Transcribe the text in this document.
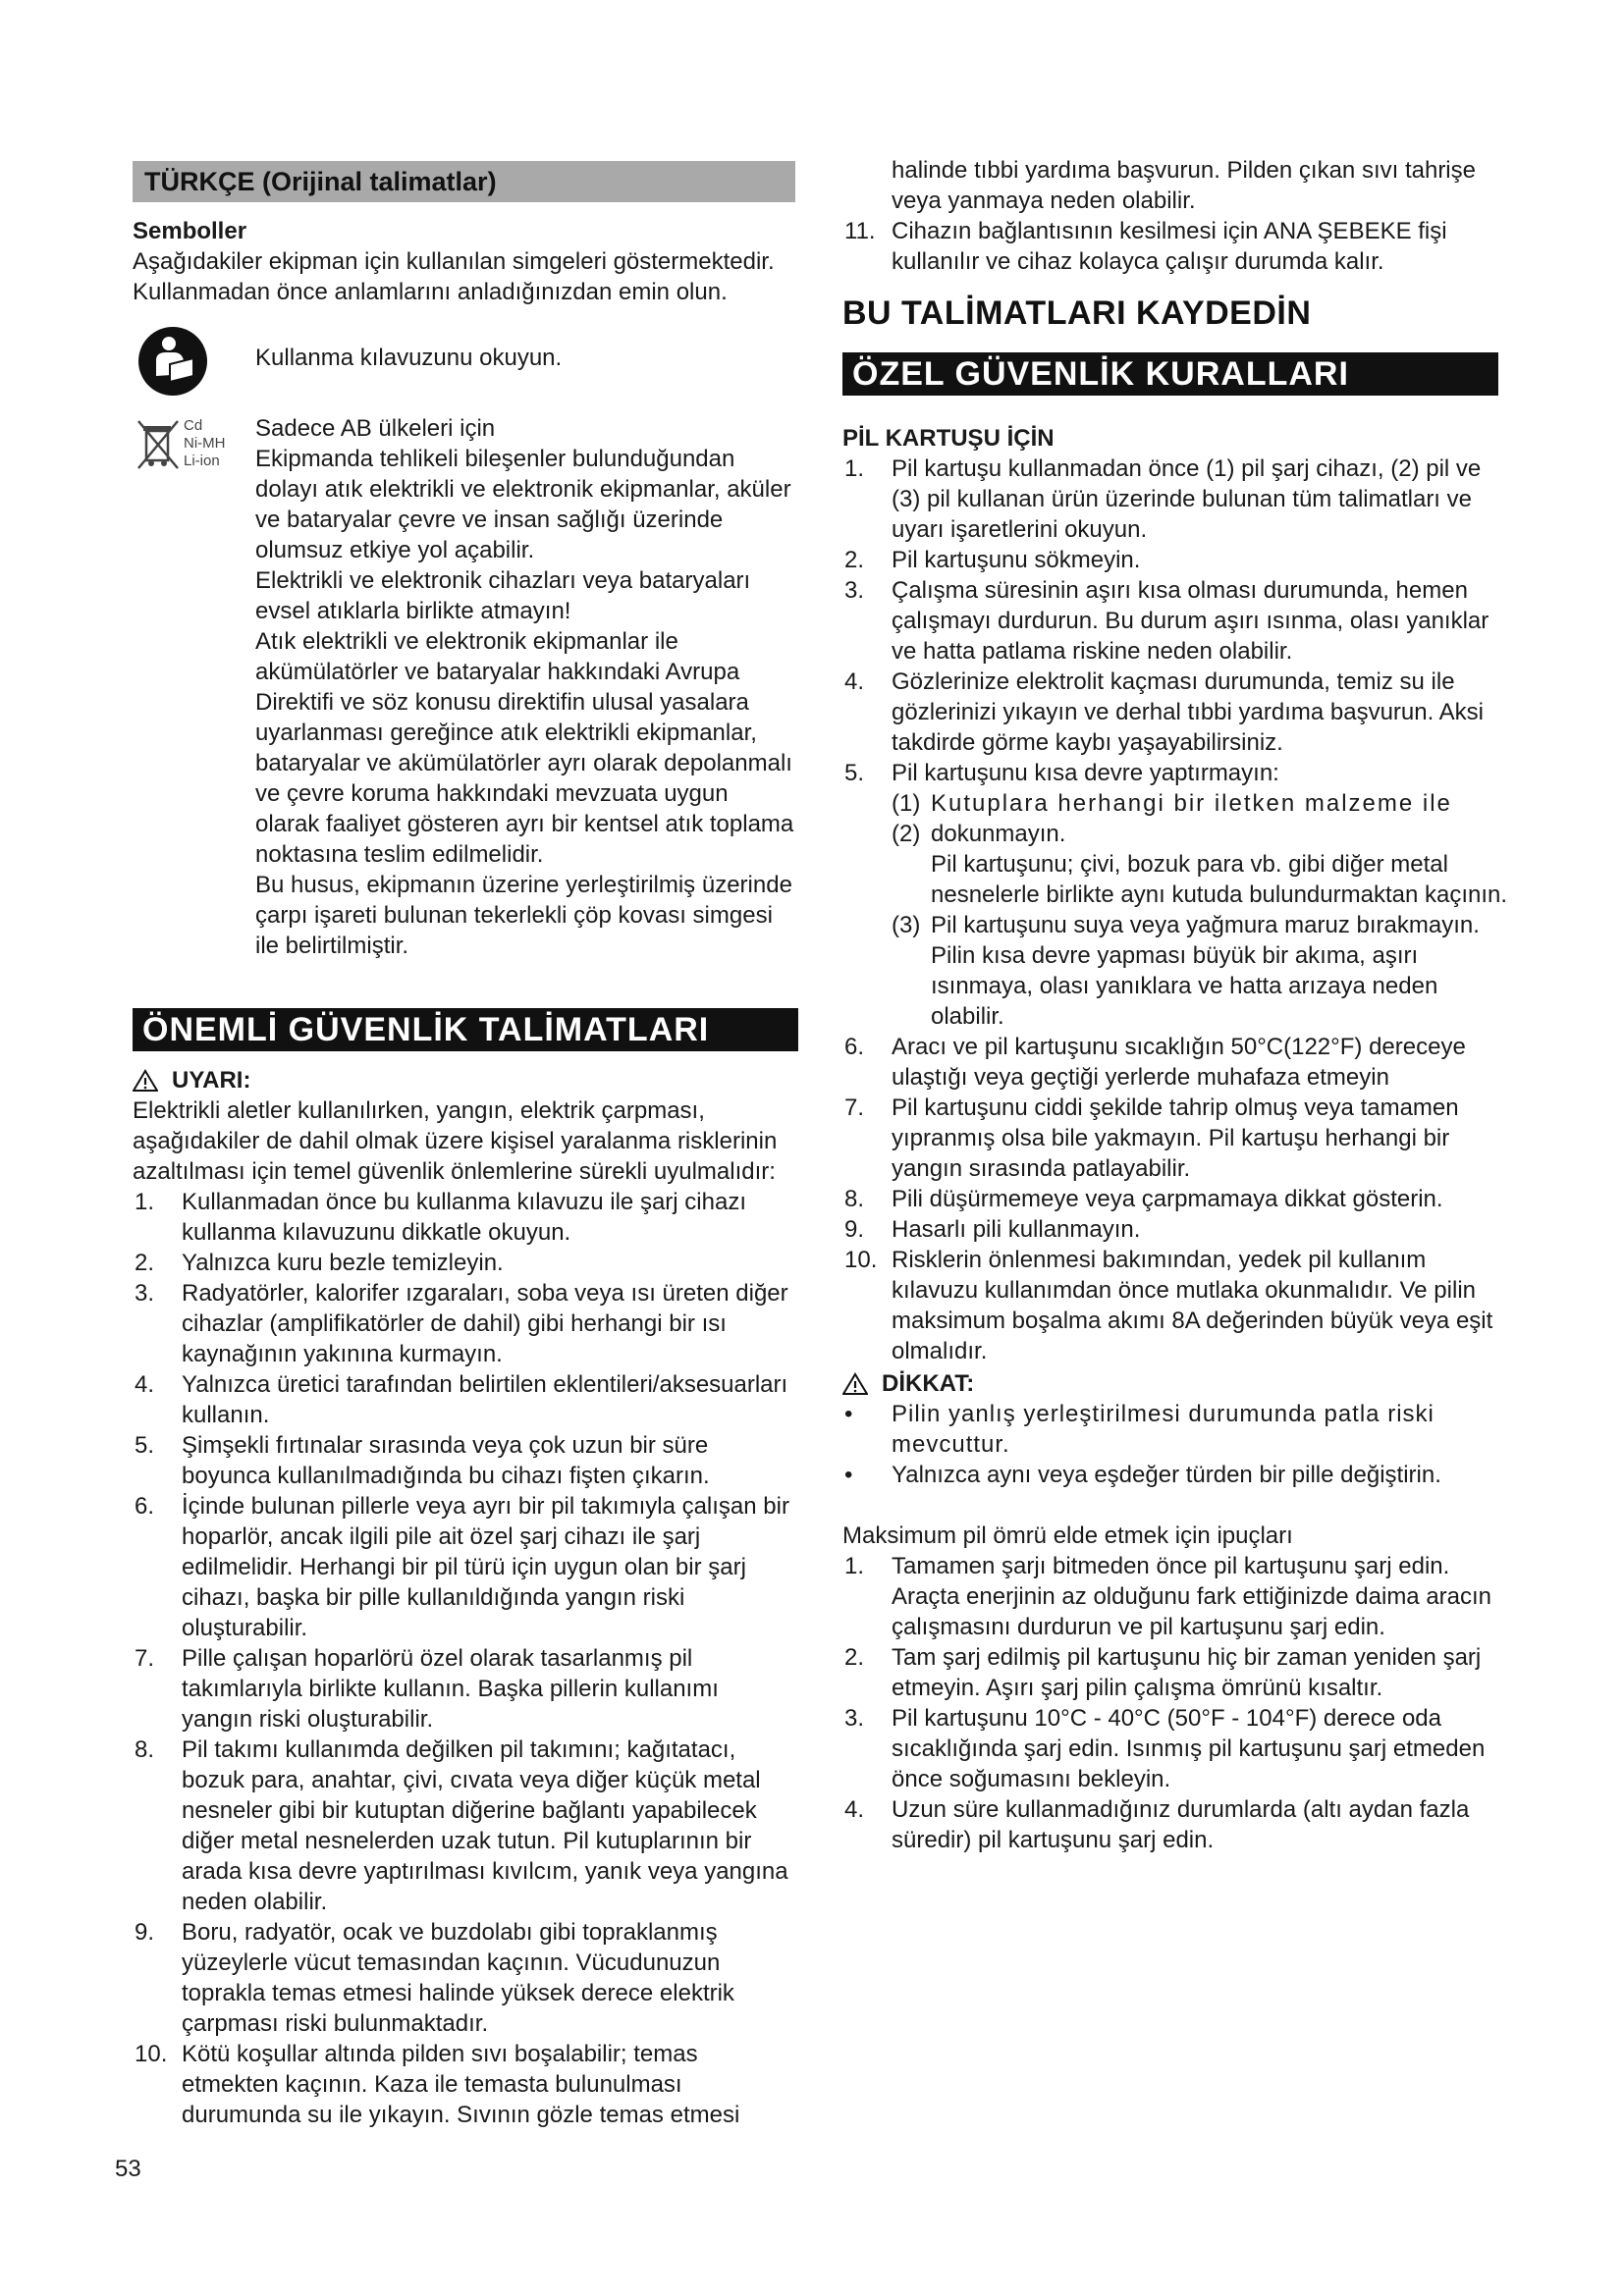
TÜRKÇE (Orijinal talimatlar)
Semboller

Aşağıdakiler ekipman için kullanılan simgeleri göstermektedir. Kullanmadan önce anlamlarını anladığınızdan emin olun.

Kullanma kılavuzunu okuyun.

Cd
Ni-MH
Li-ion

Sadece AB ülkeleri için

Ekipmanda tehlikeli bileşenler bulunduğundan dolayı atık elektrikli ve elektronik ekipmanlar, aküler ve bataryalar çevre ve insan sağlığı üzerinde olumsuz etkiye yol açabilir.

Elektrikli ve elektronik cihazları veya bataryaları evsel atıklarla birlikte atmayın!

Atık elektrikli ve elektronik ekipmanlar ile akümülatörler ve bataryalar hakkındaki Avrupa Direktifi ve söz konusu direktifin ulusal yasalara uyarlanması gereğince atık elektrikli ekipmanlar, bataryalar ve akümülatörler ayrı olarak depolanmalı ve çevre koruma hakkındaki mevzuata uygun olarak faaliyet gösteren ayrı bir kentsel atık toplama noktasına teslim edilmelidir.

Bu husus, ekipmanın üzerine yerleştirilmiş üzerinde çarpı işareti bulunan tekerlekli çöp kovası simgesi ile belirtilmiştir.

ÖNEMLİ GÜVENLİK TALİMATLARI
UYARI:

Elektrikli aletler kullanılırken, yangın, elektrik çarpması, aşağıdakiler de dahil olmak üzere kişisel yaralanma risklerinin azaltılması için temel güvenlik önlemlerine sürekli uyulmalıdır:

1. Kullanmadan önce bu kullanma kılavuzu ile şarj cihazı kullanma kılavuzunu dikkatle okuyun.
2. Yalnızca kuru bezle temizleyin.
3. Radyatörler, kalorifer ızgaraları, soba veya ısı üreten diğer cihazlar (amplifikatörler de dahil) gibi herhangi bir ısı kaynağının yakınına kurmayın.
4. Yalnızca üretici tarafından belirtilen eklentileri/aksesuarları kullanın.
5. Şimşekli fırtınalar sırasında veya çok uzun bir süre boyunca kullanılmadığında bu cihazı fişten çıkarın.
6. İçinde bulunan pillerle veya ayrı bir pil takımıyla çalışan bir hoparlör, ancak ilgili pile ait özel şarj cihazı ile şarj edilmelidir. Herhangi bir pil türü için uygun olan bir şarj cihazı, başka bir pille kullanıldığında yangın riski oluşturabilir.
7. Pille çalışan hoparlörü özel olarak tasarlanmış pil takımlarıyla birlikte kullanın. Başka pillerin kullanımı yangın riski oluşturabilir.
8. Pil takımı kullanımda değilken pil takımını; kağıtatacı, bozuk para, anahtar, çivi, cıvata veya diğer küçük metal nesneler gibi bir kutuptan diğerine bağlantı yapabilecek diğer metal nesnelerden uzak tutun. Pil kutuplarının bir arada kısa devre yaptırılması kıvılcım, yanık veya yangına neden olabilir.
9. Boru, radyatör, ocak ve buzdolabı gibi topraklanmış yüzeylerle vücut temasından kaçının. Vücudunuzun toprakla temas etmesi halinde yüksek derece elektrik çarpması riski bulunmaktadır.
10. Kötü koşullar altında pilden sıvı boşalabilir; temas etmekten kaçının. Kaza ile temasta bulunulması durumunda su ile yıkayın. Sıvının gözle temas etmesi

halinde tıbbi yardıma başvurun. Pilden çıkan sıvı tahrişe veya yanmaya neden olabilir.

11. Cihazın bağlantısının kesilmesi için ANA ŞEBEKE fişi kullanılır ve cihaz kolayca çalışır durumda kalır.
BU TALİMATLARI KAYDEDİN
ÖZEL GÜVENLİK KURALLARI
PİL KARTUŞU İÇİN
1. Pil kartuşu kullanmadan önce (1) pil şarj cihazı, (2) pil ve (3) pil kullanan ürün üzerinde bulunan tüm talimatları ve uyarı işaretlerini okuyun.
2. Pil kartuşunu sökmeyin.
3. Çalışma süresinin aşırı kısa olması durumunda, hemen çalışmayı durdurun. Bu durum aşırı ısınma, olası yanıklar ve hatta patlama riskine neden olabilir.
4. Gözlerinize elektrolit kaçması durumunda, temiz su ile gözlerinizi yıkayın ve derhal tıbbi yardıma başvurun. Aksi takdirde görme kaybı yaşayabilirsiniz.
5. Pil kartuşunu kısa devre yaptırmayın:
(1) Kutuplara herhangi bir iletken malzeme ile
(2) dokunmayın.
Pil kartuşunu; çivi, bozuk para vb. gibi diğer metal nesnelerle birlikte aynı kutuda bulundurmaktan kaçının.
(3) Pil kartuşunu suya veya yağmura maruz bırakmayın.
Pilin kısa devre yapması büyük bir akıma, aşırı ısınmaya, olası yanıklara ve hatta arızaya neden olabilir.
6. Aracı ve pil kartuşunu sıcaklığın 50°C(122°F) dereceye ulaştığı veya geçtiği yerlerde muhafaza etmeyin
7. Pil kartuşunu ciddi şekilde tahrip olmuş veya tamamen yıpranmış olsa bile yakmayın. Pil kartuşu herhangi bir yangın sırasında patlayabilir.
8. Pili düşürmemeye veya çarpmamaya dikkat gösterin.
9. Hasarlı pili kullanmayın.
10. Risklerin önlenmesi bakımından, yedek pil kullanım kılavuzu kullanımdan önce mutlaka okunmalıdır. Ve pilin maksimum boşalma akımı 8A değerinden büyük veya eşit olmalıdır.
DİKKAT:
• Pilin yanlış yerleştirilmesi durumunda patla riski mevcuttur.
• Yalnızca aynı veya eşdeğer türden bir pille değiştirin.

Maksimum pil ömrü elde etmek için ipuçları

1. Tamamen şarjı bitmeden önce pil kartuşunu şarj edin. Araçta enerjinin az olduğunu fark ettiğinizde daima aracın çalışmasını durdurun ve pil kartuşunu şarj edin.
2. Tam şarj edilmiş pil kartuşunu hiç bir zaman yeniden şarj etmeyin. Aşırı şarj pilin çalışma ömrünü kısaltır.
3. Pil kartuşunu 10°C - 40°C (50°F - 104°F) derece oda sıcaklığında şarj edin. Isınmış pil kartuşunu şarj etmeden önce soğumasını bekleyin.
4. Uzun süre kullanmadığınız durumlarda (altı aydan fazla süredir) pil kartuşunu şarj edin.
53
